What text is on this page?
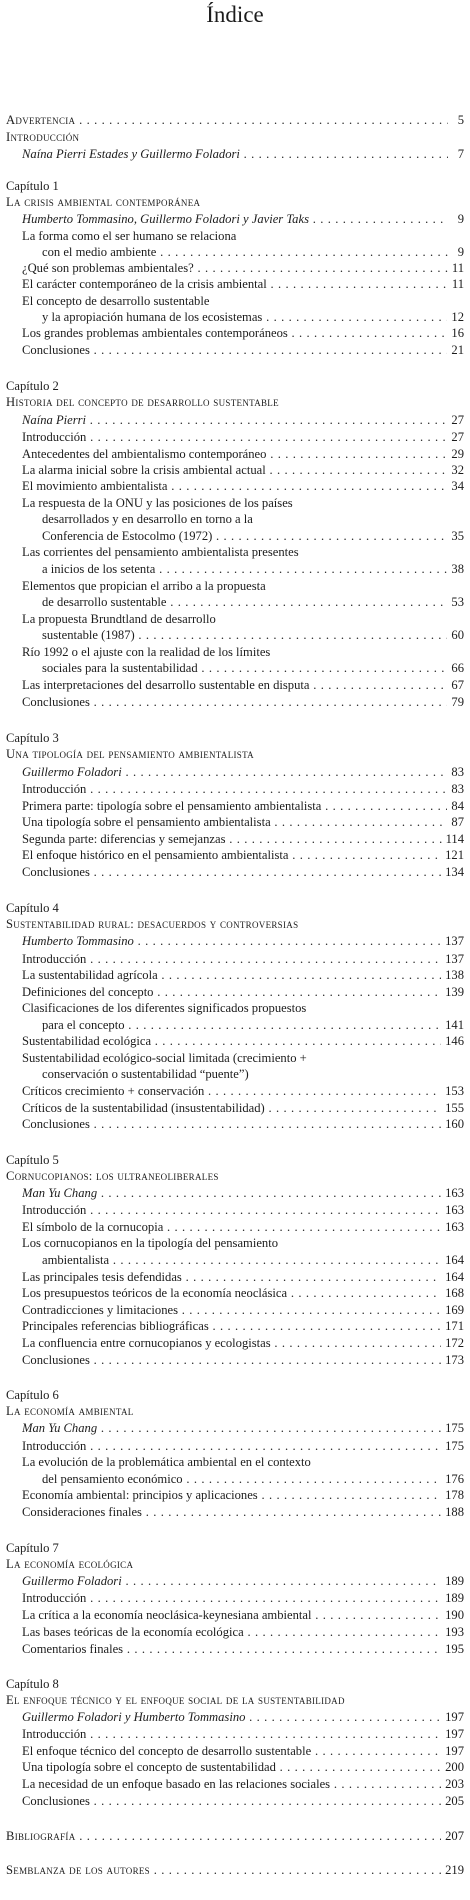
Índice
Advertencia . . .	5
Introducción
Naína Pierri Estades y Guillermo Foladori . . .	7
Capítulo 1
La crisis ambiental contemporánea
Humberto Tommasino, Guillermo Foladori y Javier Taks . . .	9
La forma como el ser humano se relaciona
con el medio ambiente . . .	9
¿Qué son problemas ambientales? . . .	11
El carácter contemporáneo de la crisis ambiental . . .	11
El concepto de desarrollo sustentable
y la apropiación humana de los ecosistemas . . .	12
Los grandes problemas ambientales contemporáneos . . .	16
Conclusiones . . .	21
Capítulo 2
Historia del concepto de desarrollo sustentable
Naína Pierri . . .	27
Introducción . . .	27
Antecedentes del ambientalismo contemporáneo . . .	29
La alarma inicial sobre la crisis ambiental actual . . .	32
El movimiento ambientalista . . .	34
La respuesta de la ONU y las posiciones de los países
desarrollados y en desarrollo en torno a la
Conferencia de Estocolmo (1972) . . .	35
Las corrientes del pensamiento ambientalista presentes
a inicios de los setenta . . .	38
Elementos que propician el arribo a la propuesta
de desarrollo sustentable . . .	53
La propuesta Brundtland de desarrollo
sustentable (1987) . . .	60
Río 1992 o el ajuste con la realidad de los límites
sociales para la sustentabilidad . . .	66
Las interpretaciones del desarrollo sustentable en disputa . . .	67
Conclusiones . . .	79
Capítulo 3
Una tipología del pensamiento ambientalista
Guillermo Foladori . . .	83
Introducción . . .	83
Primera parte: tipología sobre el pensamiento ambientalista . . .	84
Una tipología sobre el pensamiento ambientalista . . .	87
Segunda parte: diferencias y semejanzas . . .	114
El enfoque histórico en el pensamiento ambientalista . . .	121
Conclusiones . . .	134
Capítulo 4
Sustentabilidad rural: desacuerdos y controversias
Humberto Tommasino . . .	137
Introducción . . .	137
La sustentabilidad agrícola . . .	138
Definiciones del concepto . . .	139
Clasificaciones de los diferentes significados propuestos
para el concepto . . .	141
Sustentabilidad ecológica . . .	146
Sustentabilidad ecológico-social limitada (crecimiento +
conservación o sustentabilidad “puente”)
Críticos crecimiento + conservación . . .	153
Críticos de la sustentabilidad (insustentabilidad) . . .	155
Conclusiones . . .	160
Capítulo 5
Cornucopianos: los ultraneoliberales
Man Yu Chang . . .	163
Introducción . . .	163
El símbolo de la cornucopia . . .	163
Los cornucopianos en la tipología del pensamiento
ambientalista . . .	164
Las principales tesis defendidas . . .	164
Los presupuestos teóricos de la economía neoclásica . . .	168
Contradicciones y limitaciones . . .	169
Principales referencias bibliográficas . . .	171
La confluencia entre cornucopianos y ecologistas . . .	172
Conclusiones . . .	173
Capítulo 6
La economía ambiental
Man Yu Chang . . .	175
Introducción . . .	175
La evolución de la problemática ambiental en el contexto
del pensamiento económico . . .	176
Economía ambiental: principios y aplicaciones . . .	178
Consideraciones finales . . .	188
Capítulo 7
La economía ecológica
Guillermo Foladori . . .	189
Introducción . . .	189
La crítica a la economía neoclásica-keynesiana ambiental . . .	190
Las bases teóricas de la economía ecológica . . .	193
Comentarios finales . . .	195
Capítulo 8
El enfoque técnico y el enfoque social de la sustentabilidad
Guillermo Foladori y Humberto Tommasino . . .	197
Introducción . . .	197
El enfoque técnico del concepto de desarrollo sustentable . . .	197
Una tipología sobre el concepto de sustentabilidad . . .	200
La necesidad de un enfoque basado en las relaciones sociales . . .	203
Conclusiones . . .	205
Bibliografía . . .	207
Semblanza de los autores . . .	219
